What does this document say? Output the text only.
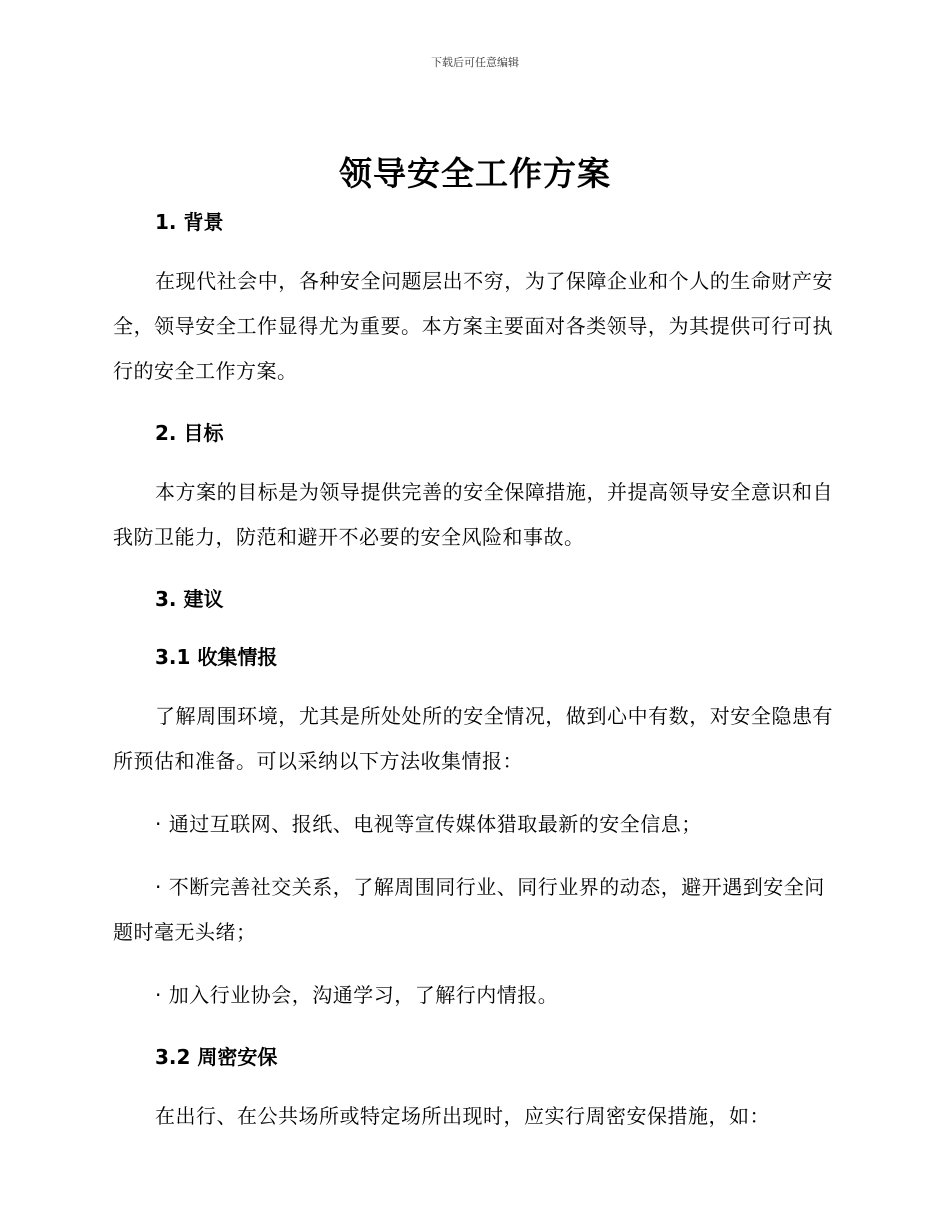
下载后可任意编辑
领导安全工作方案
1. 背景

在现代社会中，各种安全问题层出不穷，为了保障企业和个人的生命财产安全，领导安全工作显得尤为重要。本方案主要面对各类领导，为其提供可行可执行的安全工作方案。

2. 目标

本方案的目标是为领导提供完善的安全保障措施，并提高领导安全意识和自我防卫能力，防范和避开不必要的安全风险和事故。

3. 建议
3.1 收集情报

了解周围环境，尤其是所处处所的安全情况，做到心中有数，对安全隐患有所预估和准备。可以采纳以下方法收集情报：

· 通过互联网、报纸、电视等宣传媒体猎取最新的安全信息；

· 不断完善社交关系，了解周围同行业、同行业界的动态，避开遇到安全问题时毫无头绪；

· 加入行业协会，沟通学习，了解行内情报。

3.2 周密安保

在出行、在公共场所或特定场所出现时，应实行周密安保措施，如：
